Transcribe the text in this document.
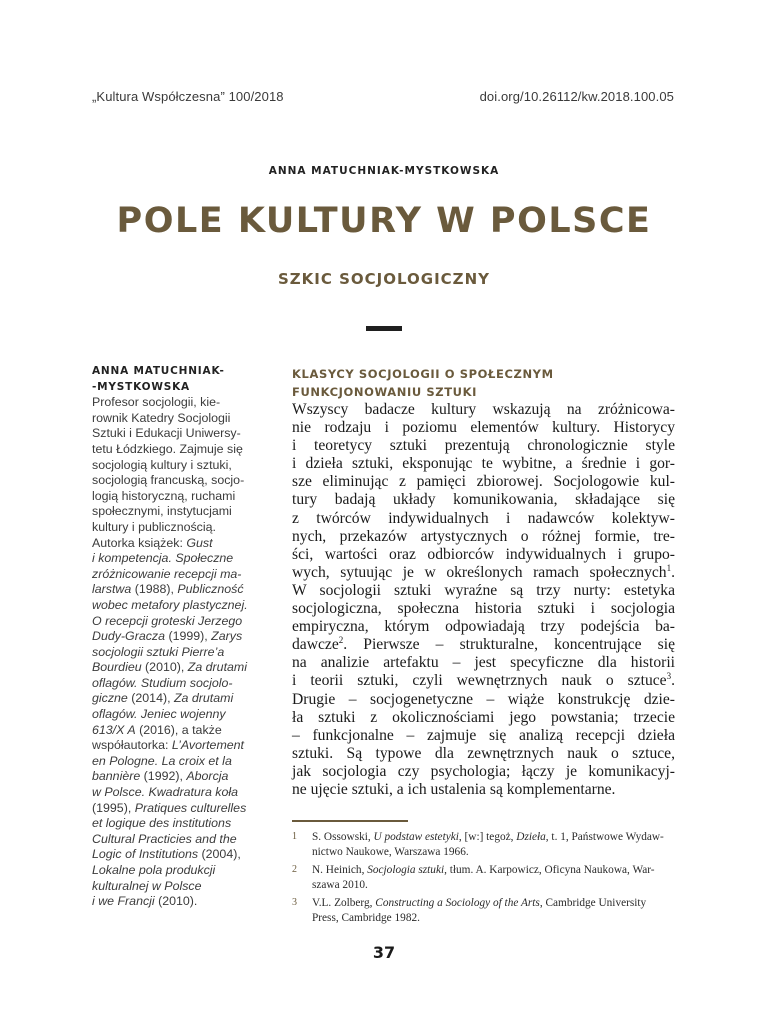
„Kultura Współczesna” 100/2018	doi.org/10.26112/kw.2018.100.05
ANNA MATUCHNIAK-MYSTKOWSKA
POLE KULTURY W POLSCE
SZKIC SOCJOLOGICZNY
ANNA MATUCHNIAK-
-MYSTKOWSKA
Profesor socjologii, kie-
rownik Katedry Socjologii
Sztuki i Edukacji Uniwersy-
tetu Łódzkiego. Zajmuje się
socjologią kultury i sztuki,
socjologią francuską, socjo-
logią historyczną, ruchami
społecznymi, instytucjami
kultury i publicznością.
Autorka książek: Gust
i kompetencja. Społeczne
zróżnicowanie recepcji ma-
larstwa (1988), Publiczność
wobec metafory plastycznej.
O recepcji groteski Jerzego
Dudy-Gracza (1999), Zarys
socjologii sztuki Pierre’a
Bourdieu (2010), Za drutami
oflagów. Studium socjolo-
giczne (2014), Za drutami
oflagów. Jeniec wojenny
613/X A (2016), a także
współautorka: L’Avortement
en Pologne. La croix et la
bannière (1992), Aborcja
w Polsce. Kwadratura koła
(1995), Pratiques culturelles
et logique des institutions
Cultural Practicies and the
Logic of Institutions (2004),
Lokalne pola produkcji
kulturalnej w Polsce
i we Francji (2010).
KLASYCY SOCJOLOGII O SPOŁECZNYM
FUNKCJONOWANIU SZTUKI
Wszyscy badacze kultury wskazują na zróżnicowa-
nie rodzaju i poziomu elementów kultury. Historycy
i teoretycy sztuki prezentują chronologicznie style
i dzieła sztuki, eksponując te wybitne, a średnie i gor-
sze eliminując z pamięci zbiorowej. Socjologowie kul-
tury badają układy komunikowania, składające się
z twórców indywidualnych i nadawców kolektyw-
nych, przekazów artystycznych o różnej formie, tre-
ści, wartości oraz odbiorców indywidualnych i grupo-
wych, sytuując je w określonych ramach społecznych$^1$.
W socjologii sztuki wyraźne są trzy nurty: estetyka
socjologiczna, społeczna historia sztuki i socjologia
empiryczna, którym odpowiadają trzy podejścia ba-
dawcze$^2$. Pierwsze – strukturalne, koncentrujące się
na analizie artefaktu – jest specyficzne dla historii
i teorii sztuki, czyli wewnętrznych nauk o sztuce$^3$.
Drugie – socjogenetyczne – wiąże konstrukcję dzie-
ła sztuki z okolicznościami jego powstania; trzecie
– funkcjonalne – zajmuje się analizą recepcji dzieła
sztuki. Są typowe dla zewnętrznych nauk o sztuce,
jak socjologia czy psychologia; łączy je komunikacyj-
ne ujęcie sztuki, a ich ustalenia są komplementarne.
1	S. Ossowski, U podstaw estetyki, [w:] tegoż, Dzieła, t. 1, Państwowe Wydaw-
nictwo Naukowe, Warszawa 1966.
2	N. Heinich, Socjologia sztuki, tłum. A. Karpowicz, Oficyna Naukowa, War-
szawa 2010.
3	V.L. Zolberg, Constructing a Sociology of the Arts, Cambridge University
Press, Cambridge 1982.
37
